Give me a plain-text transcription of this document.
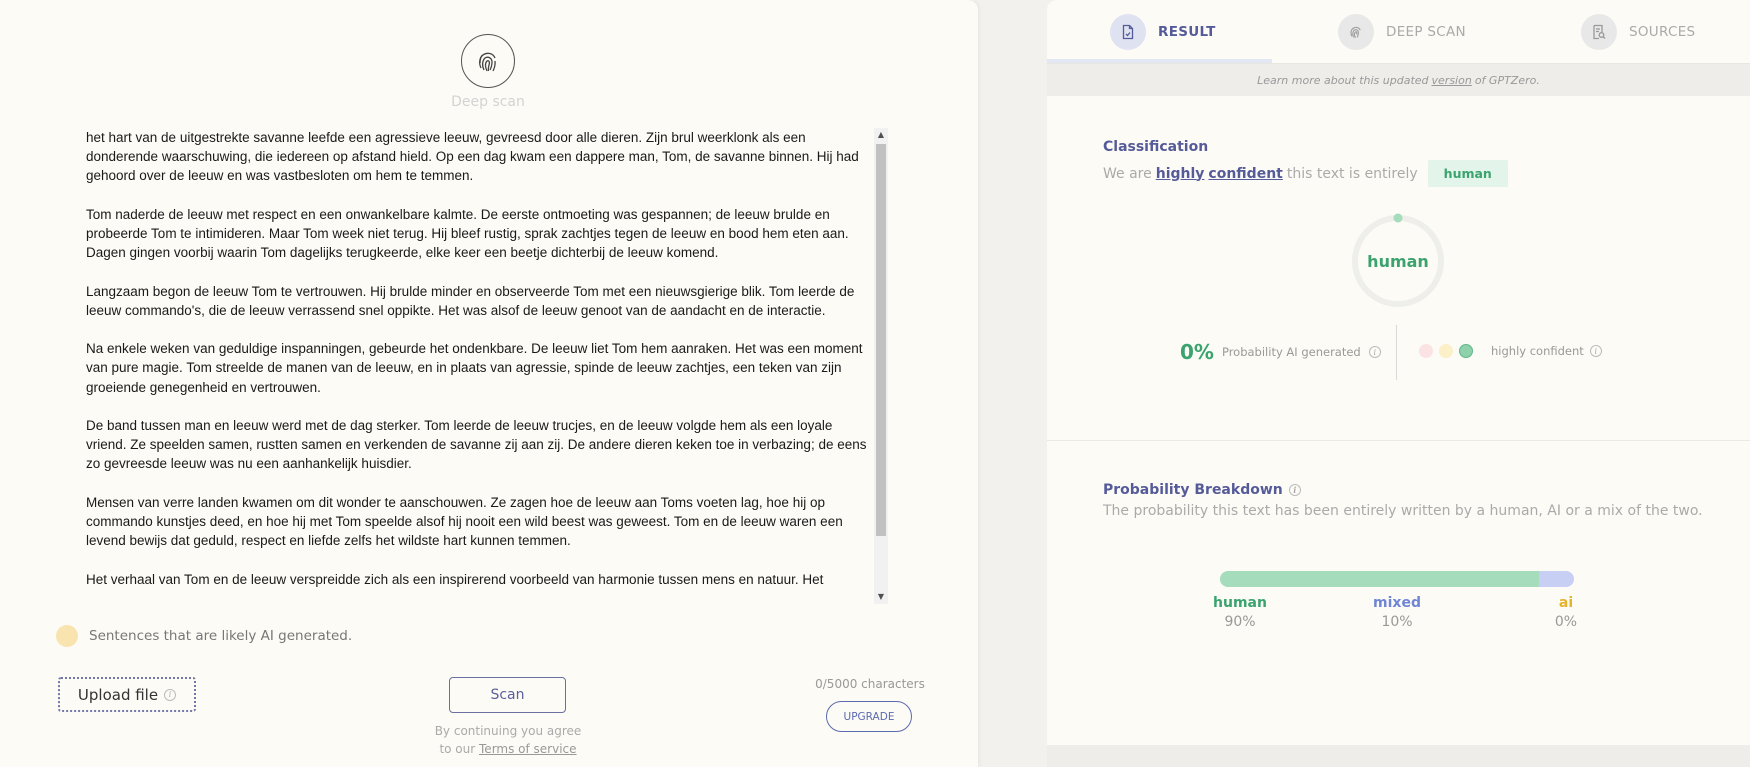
Deep scan

het hart van de uitgestrekte savanne leefde een agressieve leeuw, gevreesd door alle dieren. Zijn brul weerklonk als een donderende waarschuwing, die iedereen op afstand hield. Op een dag kwam een dappere man, Tom, de savanne binnen. Hij had gehoord over de leeuw en was vastbesloten om hem te temmen.

Tom naderde de leeuw met respect en een onwankelbare kalmte. De eerste ontmoeting was gespannen; de leeuw brulde en probeerde Tom te intimideren. Maar Tom week niet terug. Hij bleef rustig, sprak zachtjes tegen de leeuw en bood hem eten aan. Dagen gingen voorbij waarin Tom dagelijks terugkeerde, elke keer een beetje dichterbij de leeuw komend.

Langzaam begon de leeuw Tom te vertrouwen. Hij brulde minder en observeerde Tom met een nieuwsgierige blik. Tom leerde de leeuw commando's, die de leeuw verrassend snel oppikte. Het was alsof de leeuw genoot van de aandacht en de interactie.

Na enkele weken van geduldige inspanningen, gebeurde het ondenkbare. De leeuw liet Tom hem aanraken. Het was een moment van pure magie. Tom streelde de manen van de leeuw, en in plaats van agressie, spinde de leeuw zachtjes, een teken van zijn groeiende genegenheid en vertrouwen.

De band tussen man en leeuw werd met de dag sterker. Tom leerde de leeuw trucjes, en de leeuw volgde hem als een loyale vriend. Ze speelden samen, rustten samen en verkenden de savanne zij aan zij. De andere dieren keken toe in verbazing; de eens zo gevreesde leeuw was nu een aanhankelijk huisdier.

Mensen van verre landen kwamen om dit wonder te aanschouwen. Ze zagen hoe de leeuw aan Toms voeten lag, hoe hij op commando kunstjes deed, en hoe hij met Tom speelde alsof hij nooit een wild beest was geweest. Tom en de leeuw waren een levend bewijs dat geduld, respect en liefde zelfs het wildste hart kunnen temmen.

Het verhaal van Tom en de leeuw verspreidde zich als een inspirerend voorbeeld van harmonie tussen mens en natuur. Het

▲
▼
Sentences that are likely AI generated.
Upload file	i	Scan
By continuing you agree
to our Terms of service
0/5000 characters
UPGRADE
RESULT	DEEP SCAN	SOURCES
Learn more about this updated version of GPTZero.
Classification
We are highly confident this text is entirely	human
human
0% Probability AI generated	i	highly confident	i
Probability Breakdown	i
The probability this text has been entirely written by a human, AI or a mix of the two.
human
90%
mixed
10%
ai
0%
